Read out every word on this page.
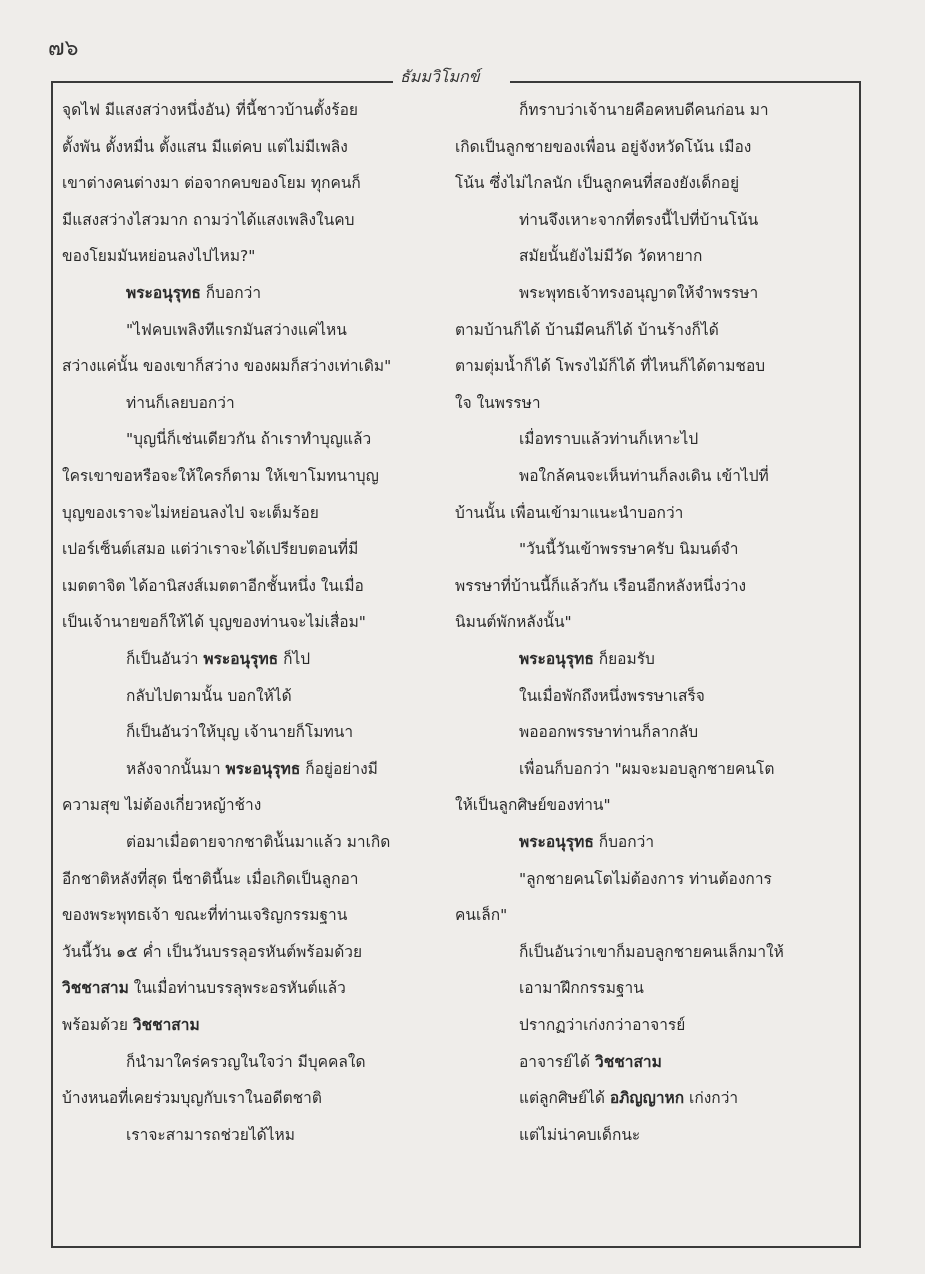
๗๖
ธัมมวิโมกข์
จุดไฟ มีแสงสว่างหนึ่งอัน) ที่นี้ชาวบ้านตั้งร้อย
ตั้งพัน ตั้งหมื่น ตั้งแสน มีแต่คบ แต่ไม่มีเพลิง
เขาต่างคนต่างมา ต่อจากคบของโยม ทุกคนก็
มีแสงสว่างไสวมาก ถามว่าได้แสงเพลิงในคบ
ของโยมมันหย่อนลงไปไหม?"
พระอนุรุทธ ก็บอกว่า
"ไฟคบเพลิงทีแรกมันสว่างแค่ไหน
สว่างแค่นั้น ของเขาก็สว่าง ของผมก็สว่างเท่าเดิม"
ท่านก็เลยบอกว่า
"บุญนี่ก็เช่นเดียวกัน ถ้าเราทำบุญแล้ว
ใครเขาขอหรือจะให้ใครก็ตาม ให้เขาโมทนาบุญ
บุญของเราจะไม่หย่อนลงไป จะเต็มร้อย
เปอร์เซ็นต์เสมอ แต่ว่าเราจะได้เปรียบตอนที่มี
เมตตาจิต ได้อานิสงส์เมตตาอีกชั้นหนึ่ง ในเมื่อ
เป็นเจ้านายขอก็ให้ได้ บุญของท่านจะไม่เสื่อม"
ก็เป็นอันว่า พระอนุรุทธ ก็ไป
กลับไปตามนั้น บอกให้ได้
ก็เป็นอันว่าให้บุญ เจ้านายก็โมทนา
หลังจากนั้นมา พระอนุรุทธ ก็อยู่อย่างมี
ความสุข ไม่ต้องเกี่ยวหญ้าช้าง
ต่อมาเมื่อตายจากชาติน้ันมาแล้ว มาเกิด
อีกชาติหลังที่สุด นี่ชาตินี้นะ เมื่อเกิดเป็นลูกอา
ของพระพุทธเจ้า ขณะที่ท่านเจริญกรรมฐาน
วันนี้วัน ๑๕ ค่ำ เป็นวันบรรลุอรหันต์พร้อมด้วย
วิชชาสาม ในเมื่อท่านบรรลุพระอรหันต์แล้ว
พร้อมด้วย วิชชาสาม
ก็นำมาใคร่ครวญในใจว่า มีบุคคลใด
บ้างหนอที่เคยร่วมบุญกับเราในอดีตชาติ
เราจะสามารถช่วยได้ไหม
ก็ทราบว่าเจ้านายคือคหบดีคนก่อน มา
เกิดเป็นลูกชายของเพื่อน อยู่จังหวัดโน้น เมือง
โน้น ซึ่งไม่ไกลนัก เป็นลูกคนที่สองยังเด็กอยู่
ท่านจึงเหาะจากที่ตรงนี้ไปที่บ้านโน้น
สมัยนั้นยังไม่มีวัด วัดหายาก
พระพุทธเจ้าทรงอนุญาตให้จำพรรษา
ตามบ้านก็ได้ บ้านมีคนก็ได้ บ้านร้างก็ได้
ตามตุ่มน้ำก็ได้ โพรงไม้ก็ได้ ที่ไหนก็ได้ตามชอบ
ใจ ในพรรษา
เมื่อทราบแล้วท่านก็เหาะไป
พอใกล้คนจะเห็นท่านก็ลงเดิน เข้าไปที่
บ้านนั้น เพื่อนเข้ามาแนะนำบอกว่า
"วันนี้วันเข้าพรรษาครับ นิมนต์จำ
พรรษาที่บ้านนี้ก็แล้วกัน เรือนอีกหลังหนึ่งว่าง
นิมนต์พักหลังนั้น"
พระอนุรุทธ ก็ยอมรับ
ในเมื่อพักถึงหนึ่งพรรษาเสร็จ
พอออกพรรษาท่านก็ลากลับ
เพื่อนก็บอกว่า "ผมจะมอบลูกชายคนโต
ให้เป็นลูกศิษย์ของท่าน"
พระอนุรุทธ ก็บอกว่า
"ลูกชายคนโตไม่ต้องการ ท่านต้องการ
คนเล็ก"
ก็เป็นอันว่าเขาก็มอบลูกชายคนเล็กมาให้
เอามาฝึกกรรมฐาน
ปรากฏว่าเก่งกว่าอาจารย์
อาจารย์ได้ วิชชาสาม
แต่ลูกศิษย์ได้ อภิญญาหก เก่งกว่า
แต่ไม่น่าคบเด็กนะ
